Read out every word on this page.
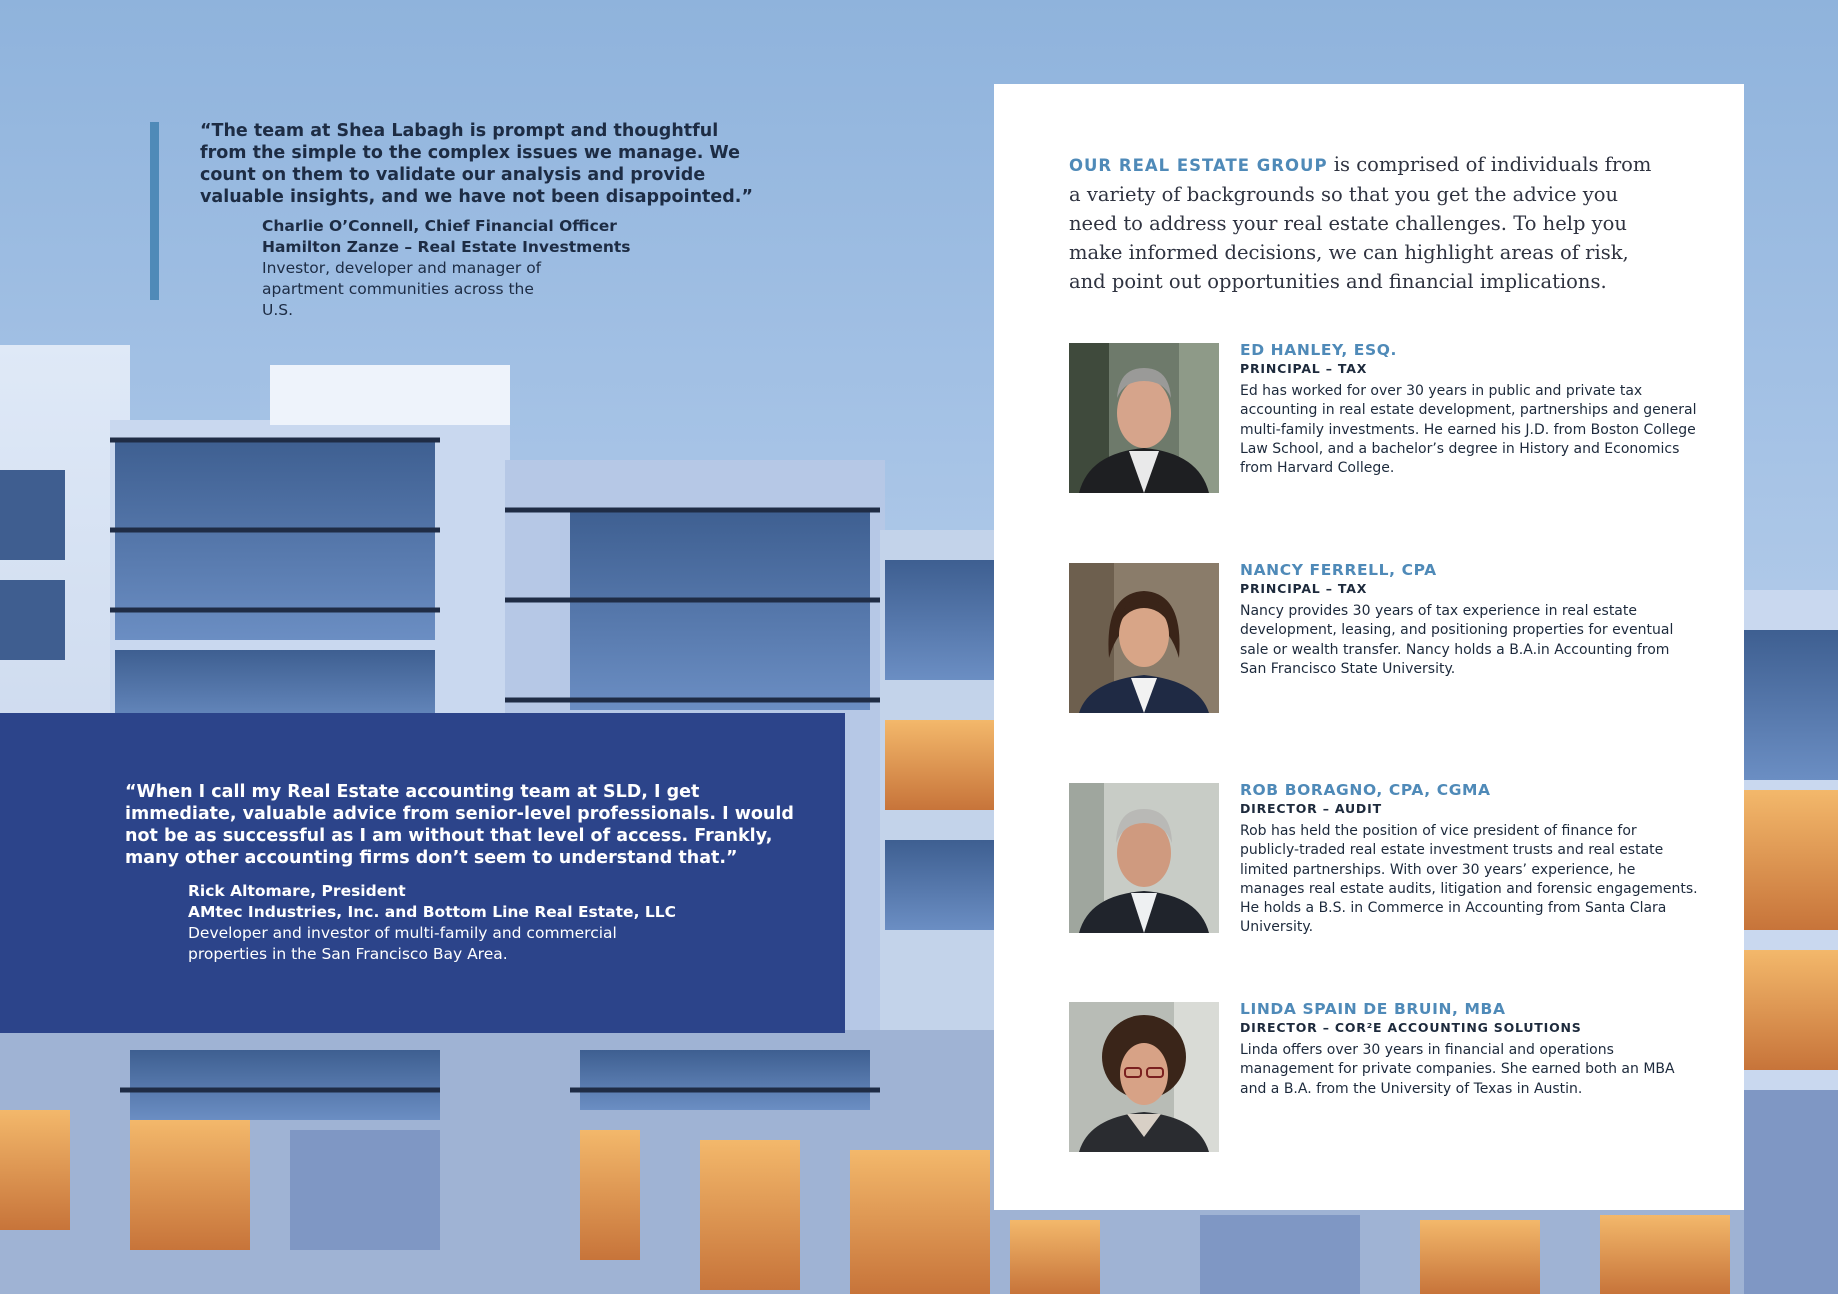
“The team at Shea Labagh is prompt and thoughtful from the simple to the complex issues we manage. We count on them to validate our analysis and provide valuable insights, and we have not been disappointed.”
Charlie O’Connell, Chief Financial Officer
Hamilton Zanze – Real Estate Investments
Investor, developer and manager of apartment communities across the U.S.
“When I call my Real Estate accounting team at SLD, I get immediate, valuable advice from senior-level professionals. I would not be as successful as I am without that level of access. Frankly, many other accounting firms don’t seem to understand that.”
Rick Altomare, President
AMtec Industries, Inc. and Bottom Line Real Estate, LLC
Developer and investor of multi-family and commercial properties in the San Francisco Bay Area.
OUR REAL ESTATE GROUP is comprised of individuals from a variety of backgrounds so that you get the advice you need to address your real estate challenges. To help you make informed decisions, we can highlight areas of risk, and point out opportunities and financial implications.
ED HANLEY, ESQ.
PRINCIPAL – TAX
Ed has worked for over 30 years in public and private tax accounting in real estate development, partnerships and general multi-family investments. He earned his J.D. from Boston College Law School, and a bachelor’s degree in History and Economics from Harvard College.
NANCY FERRELL, CPA
PRINCIPAL – TAX
Nancy provides 30 years of tax experience in real estate development, leasing, and positioning properties for eventual sale or wealth transfer. Nancy holds a B.A.in Accounting from San Francisco State University.
ROB BORAGNO, CPA, CGMA
DIRECTOR – AUDIT
Rob has held the position of vice president of finance for publicly-traded real estate investment trusts and real estate limited partnerships. With over 30 years’ experience, he manages real estate audits, litigation and forensic engagements. He holds a B.S. in Commerce in Accounting from Santa Clara University.
LINDA SPAIN DE BRUIN, MBA
DIRECTOR – COR²E ACCOUNTING SOLUTIONS
Linda offers over 30 years in financial and operations management for private companies. She earned both an MBA and a B.A. from the University of Texas in Austin.
